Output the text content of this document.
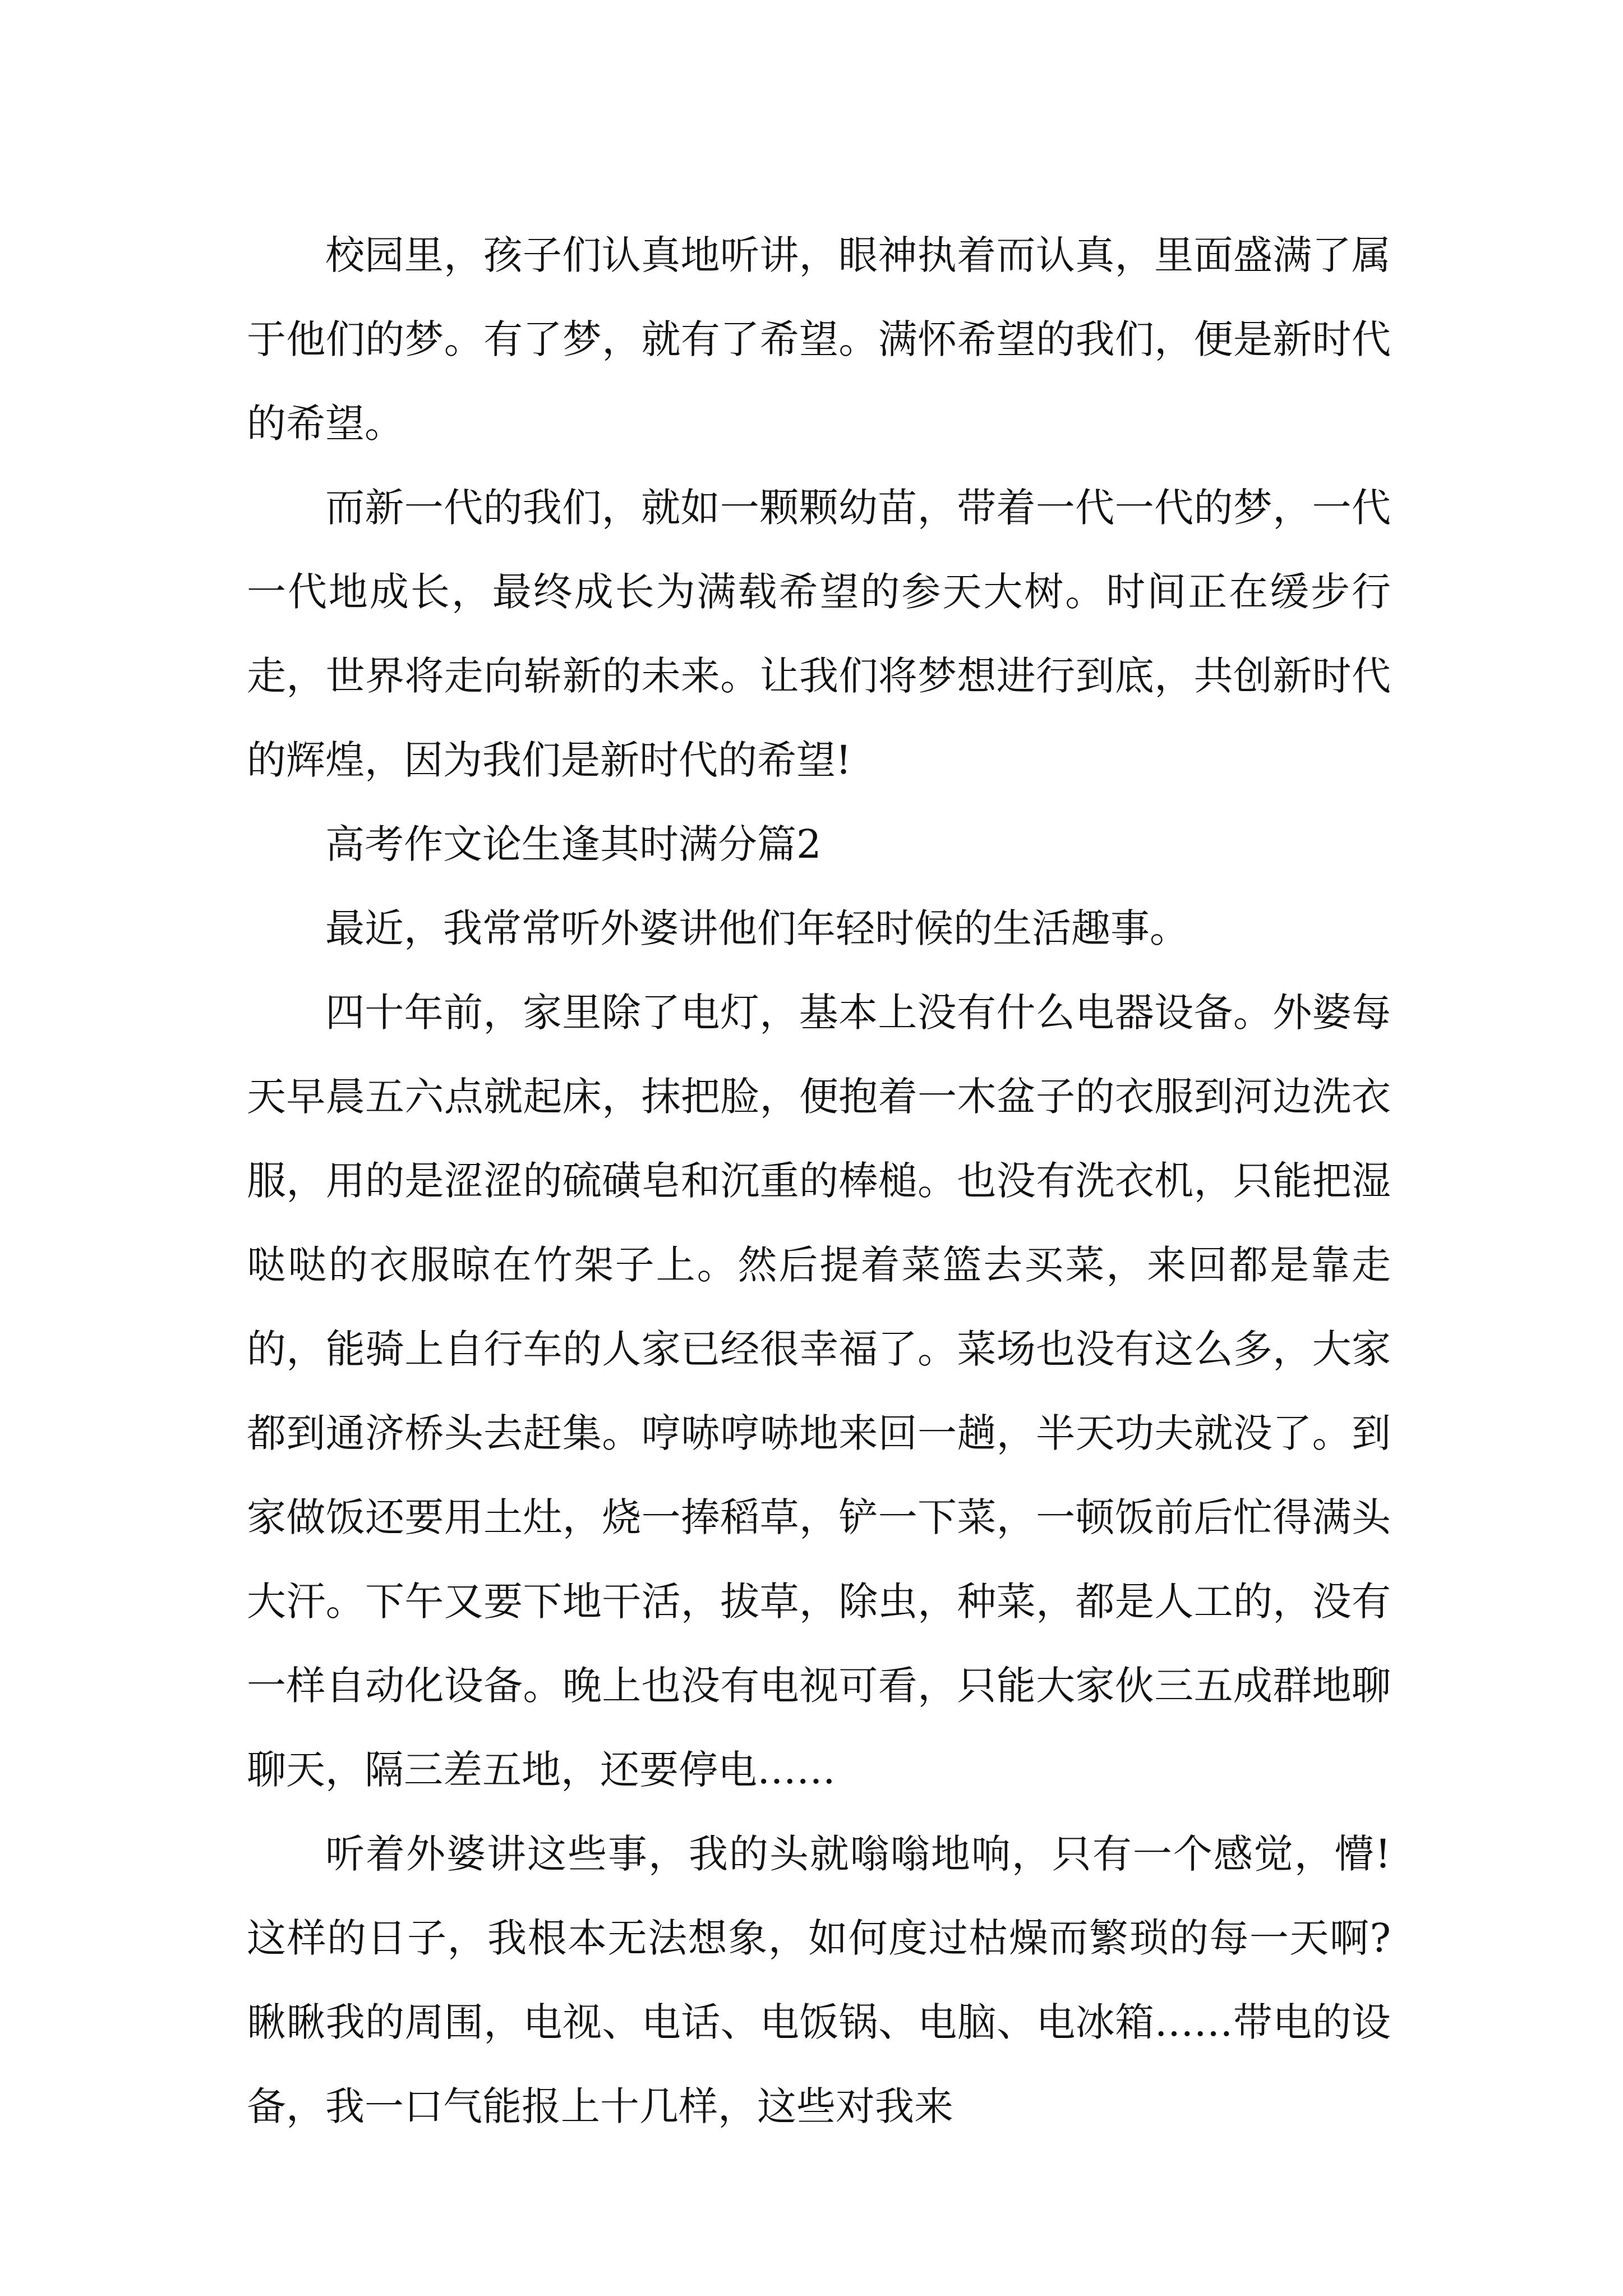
校园里，孩子们认真地听讲，眼神执着而认真，里面盛满了属于他们的梦。有了梦，就有了希望。满怀希望的我们，便是新时代的希望。

而新一代的我们，就如一颗颗幼苗，带着一代一代的梦，一代一代地成长，最终成长为满载希望的参天大树。时间正在缓步行走，世界将走向崭新的未来。让我们将梦想进行到底，共创新时代的辉煌，因为我们是新时代的希望!

高考作文论生逢其时满分篇2

最近，我常常听外婆讲他们年轻时候的生活趣事。

四十年前，家里除了电灯，基本上没有什么电器设备。外婆每天早晨五六点就起床，抹把脸，便抱着一木盆子的衣服到河边洗衣服，用的是涩涩的硫磺皂和沉重的棒槌。也没有洗衣机，只能把湿哒哒的衣服晾在竹架子上。然后提着菜篮去买菜，来回都是靠走的，能骑上自行车的人家已经很幸福了。菜场也没有这么多，大家都到通济桥头去赶集。哼哧哼哧地来回一趟，半天功夫就没了。到家做饭还要用土灶，烧一捧稻草，铲一下菜，一顿饭前后忙得满头大汗。下午又要下地干活，拔草，除虫，种菜，都是人工的，没有一样自动化设备。晚上也没有电视可看，只能大家伙三五成群地聊聊天，隔三差五地，还要停电……

听着外婆讲这些事，我的头就嗡嗡地响，只有一个感觉，懵!这样的日子，我根本无法想象，如何度过枯燥而繁琐的每一天啊?瞅瞅我的周围，电视、电话、电饭锅、电脑、电冰箱……带电的设备，我一口气能报上十几样，这些对我来
